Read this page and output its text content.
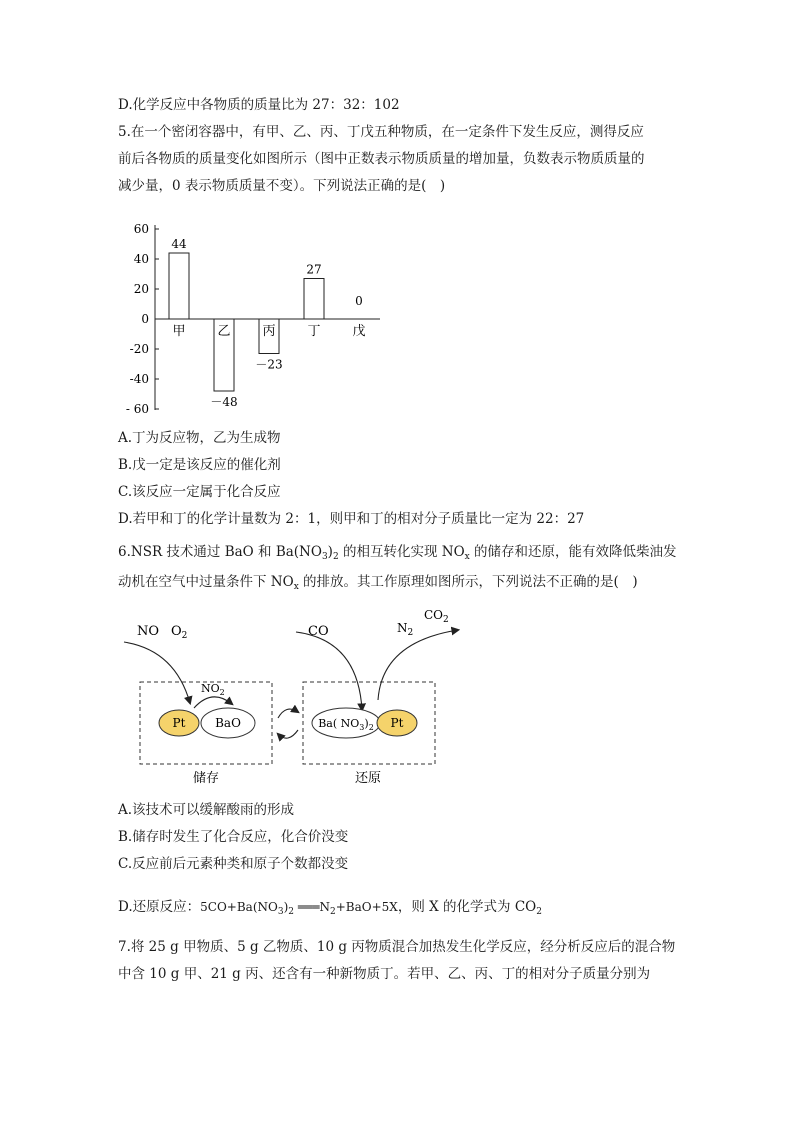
D.化学反应中各物质的质量比为 27：32：102
5.在一个密闭容器中，有甲、乙、丙、丁戊五种物质，在一定条件下发生反应，测得反应
前后各物质的质量变化如图所示（图中正数表示物质质量的增加量，负数表示物质质量的
减少量，0 表示物质质量不变）。下列说法正确的是(　)
60
40
20
0
-20
-40
- 60
甲 乙 丙 丁 戊
44
－48
－23
27
0
A.丁为反应物，乙为生成物
B.戊一定是该反应的催化剂
C.该反应一定属于化合反应
D.若甲和丁的化学计量数为 2：1，则甲和丁的相对分子质量比一定为 22：27
6.NSR 技术通过 BaO 和 $Ba(NO_3)_2$ 的相互转化实现 $NO_x$ 的储存和还原，能有效降低柴油发
动机在空气中过量条件下 $NO_x$ 的排放。其工作原理如图所示，下列说法不正确的是(　)
NO $O_2$
$NO_2$
Pt BaO
储存
CO	$N_2$
$CO_2$
Ba( $NO_3)_2$ Pt
还原
A.该技术可以缓解酸雨的形成
B.储存时发生了化合反应，化合价没变
C.反应前后元素种类和原子个数都没变
D.还原反应：$5CO+Ba(NO_3)_2$ $═══N_2+BaO+5X$，则 X 的化学式为 $CO_2$
7.将 25 g 甲物质、5 g 乙物质、10 g 丙物质混合加热发生化学反应，经分析反应后的混合物
中含 10 g 甲、21 g 丙、还含有一种新物质丁。若甲、乙、丙、丁的相对分子质量分别为
